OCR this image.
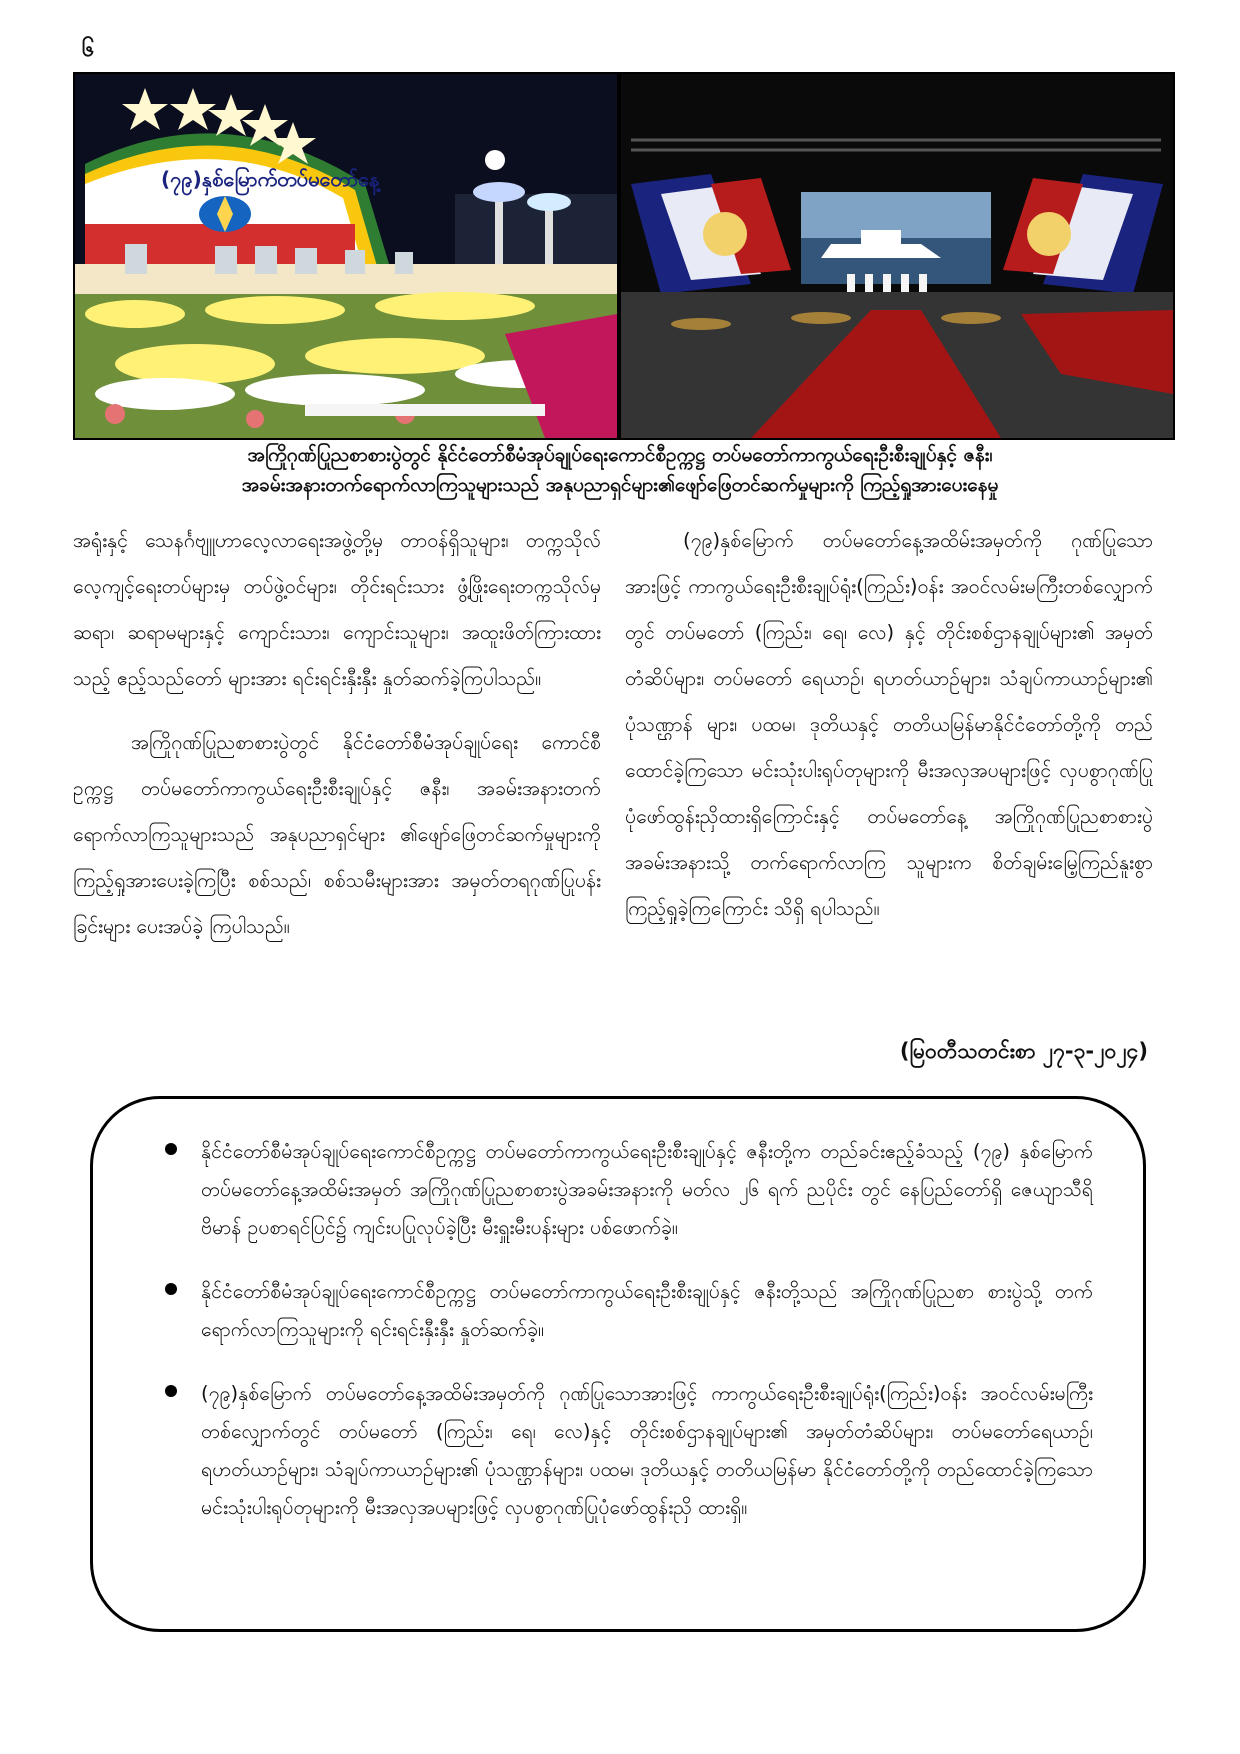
၆
(၇၉)နှစ်မြောက်တပ်မတော်နေ့
အကြိုဂုဏ်ပြုညစာစားပွဲတွင် နိုင်ငံတော်စီမံအုပ်ချုပ်ရေးကောင်စီဥက္ကဋ္ဌ တပ်မတော်ကာကွယ်ရေးဦးစီးချုပ်နှင့် ဇနီး၊
အခမ်းအနားတက်ရောက်လာကြသူများသည် အနုပညာရှင်များ၏ဖျော်ဖြေတင်ဆက်မှုများကို ကြည့်ရှုအားပေးနေမှု

အရုံးနှင့် သေနင်္ဂဗျူဟာလေ့လာရေးအဖွဲ့တို့မှ တာဝန်ရှိသူများ၊ တက္ကသိုလ်လေ့ကျင့်ရေးတပ်များမှ တပ်ဖွဲ့ဝင်များ၊ တိုင်းရင်းသား ဖွံ့ဖြိုးရေးတက္ကသိုလ်မှ ဆရာ၊ ဆရာမများနှင့် ကျောင်းသား၊ ကျောင်းသူများ၊ အထူးဖိတ်ကြားထားသည့် ဧည့်သည်တော် များအား ရင်းရင်းနှီးနှီး နှုတ်ဆက်ခဲ့ကြပါသည်။

အကြိုဂုဏ်ပြုညစာစားပွဲတွင် နိုင်ငံတော်စီမံအုပ်ချုပ်ရေး ကောင်စီဥက္ကဋ္ဌ တပ်မတော်ကာကွယ်ရေးဦးစီးချုပ်နှင့် ဇနီး၊ အခမ်းအနားတက်ရောက်လာကြသူများသည် အနုပညာရှင်များ ၏ဖျော်ဖြေတင်ဆက်မှုများကို ကြည့်ရှုအားပေးခဲ့ကြပြီး စစ်သည်၊ စစ်သမီးများအား အမှတ်တရဂုဏ်ပြုပန်းခြင်းများ ပေးအပ်ခဲ့ ကြပါသည်။

(၇၉)နှစ်မြောက် တပ်မတော်နေ့အထိမ်းအမှတ်ကို ဂုဏ်ပြုသောအားဖြင့် ကာကွယ်ရေးဦးစီးချုပ်ရုံး(ကြည်း)ဝန်း အဝင်လမ်းမကြီးတစ်လျှောက်တွင် တပ်မတော် (ကြည်း၊ ရေ၊ လေ) နှင့် တိုင်းစစ်ဌာနချုပ်များ၏ အမှတ်တံဆိပ်များ၊ တပ်မတော် ရေယာဉ်၊ ရဟတ်ယာဉ်များ၊ သံချပ်ကာယာဉ်များ၏ ပုံသဏ္ဌာန် များ၊ ပထမ၊ ဒုတိယနှင့် တတိယမြန်မာနိုင်ငံတော်တို့ကို တည် ထောင်ခဲ့ကြသော မင်းသုံးပါးရုပ်တုများကို မီးအလှအပများဖြင့် လှပစွာဂုဏ်ပြုပုံဖော်ထွန်းညှိထားရှိကြောင်းနှင့် တပ်မတော်နေ့ အကြိုဂုဏ်ပြုညစာစားပွဲအခမ်းအနားသို့ တက်ရောက်လာကြ သူများက စိတ်ချမ်းမြေ့ကြည်နူးစွာ ကြည့်ရှုခဲ့ကြကြောင်း သိရှိ ရပါသည်။

(မြဝတီသတင်းစာ ၂၇-၃-၂၀၂၄)
နိုင်ငံတော်စီမံအုပ်ချုပ်ရေးကောင်စီဥက္ကဋ္ဌ တပ်မတော်ကာကွယ်ရေးဦးစီးချုပ်နှင့် ဇနီးတို့က တည်ခင်းဧည့်ခံသည့် (၇၉) နှစ်မြောက် တပ်မတော်နေ့အထိမ်းအမှတ် အကြိုဂုဏ်ပြုညစာစားပွဲအခမ်းအနားကို မတ်လ ၂၆ ရက် ညပိုင်း တွင် နေပြည်တော်ရှိ ဇေယျာသီရိဗိမာန် ဥပစာရင်ပြင်၌ ကျင်းပပြုလုပ်ခဲ့ပြီး မီးရှူးမီးပန်းများ ပစ်ဖောက်ခဲ့။
နိုင်ငံတော်စီမံအုပ်ချုပ်ရေးကောင်စီဥက္ကဋ္ဌ တပ်မတော်ကာကွယ်ရေးဦးစီးချုပ်နှင့် ဇနီးတို့သည် အကြိုဂုဏ်ပြုညစာ စားပွဲသို့ တက်ရောက်လာကြသူများကို ရင်းရင်းနှီးနှီး နှုတ်ဆက်ခဲ့။
(၇၉)နှစ်မြောက် တပ်မတော်နေ့အထိမ်းအမှတ်ကို ဂုဏ်ပြုသောအားဖြင့် ကာကွယ်ရေးဦးစီးချုပ်ရုံး(ကြည်း)ဝန်း အဝင်လမ်းမကြီးတစ်လျှောက်တွင် တပ်မတော် (ကြည်း၊ ရေ၊ လေ)နှင့် တိုင်းစစ်ဌာနချုပ်များ၏ အမှတ်တံဆိပ်များ၊ တပ်မတော်ရေယာဉ်၊ ရဟတ်ယာဉ်များ၊ သံချပ်ကာယာဉ်များ၏ ပုံသဏ္ဌာန်များ၊ ပထမ၊ ဒုတိယနှင့် တတိယမြန်မာ နိုင်ငံတော်တို့ကို တည်ထောင်ခဲ့ကြသော မင်းသုံးပါးရုပ်တုများကို မီးအလှအပများဖြင့် လှပစွာဂုဏ်ပြုပုံဖော်ထွန်းညှိ ထားရှိ။
